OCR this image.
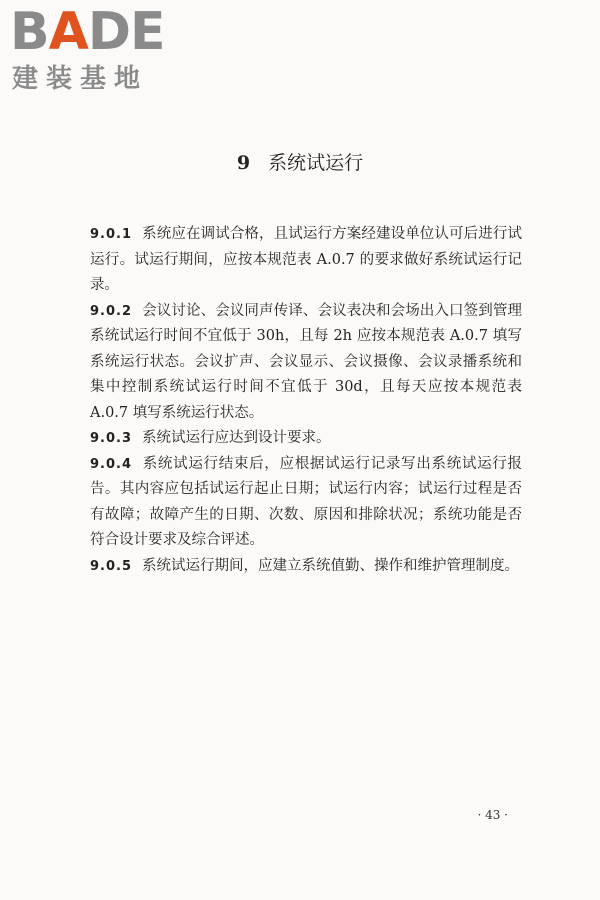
BADE
建装基地
9 系统试运行

9.0.1 系统应在调试合格，且试运行方案经建设单位认可后进行试运行。试运行期间，应按本规范表 A.0.7 的要求做好系统试运行记录。

9.0.2 会议讨论、会议同声传译、会议表决和会场出入口签到管理系统试运行时间不宜低于 30h，且每 2h 应按本规范表 A.0.7 填写系统运行状态。会议扩声、会议显示、会议摄像、会议录播系统和集中控制系统试运行时间不宜低于 30d，且每天应按本规范表 A.0.7 填写系统运行状态。

9.0.3 系统试运行应达到设计要求。

9.0.4 系统试运行结束后，应根据试运行记录写出系统试运行报告。其内容应包括试运行起止日期；试运行内容；试运行过程是否有故障；故障产生的日期、次数、原因和排除状况；系统功能是否符合设计要求及综合评述。

9.0.5 系统试运行期间，应建立系统值勤、操作和维护管理制度。

· 43 ·
